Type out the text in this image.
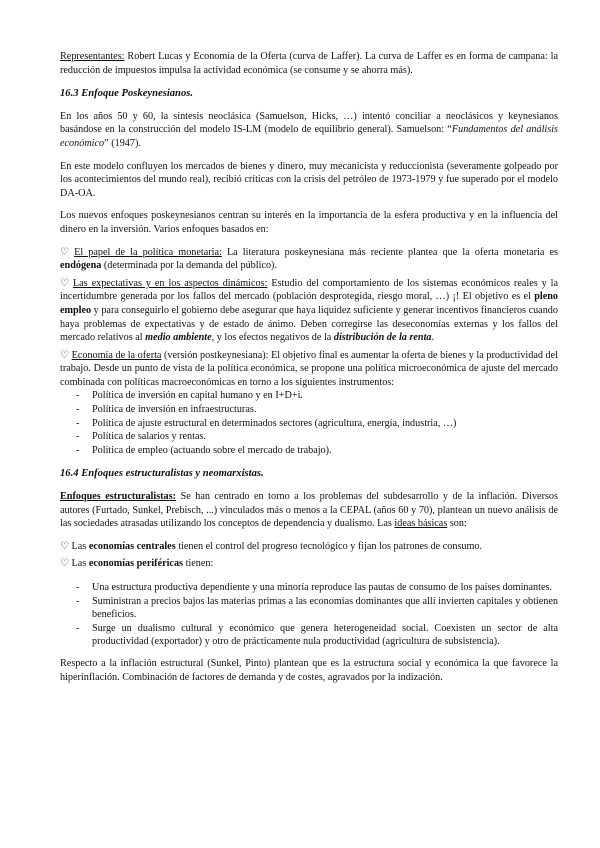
Representantes: Robert Lucas y Economía de la Oferta (curva de Laffer). La curva de Laffer es en forma de campana: la reducción de impuestos impulsa la actividad económica (se consume y se ahorra más).

16.3 Enfoque Poskeynesianos.

En los años 50 y 60, la síntesis neoclásica (Samuelson, Hicks, …) intentó conciliar a neoclásicos y keynesianos basándose en la construcción del modelo IS-LM (modelo de equilibrio general). Samuelson: “Fundamentos del análisis económico” (1947).

En este modelo confluyen los mercados de bienes y dinero, muy mecanicista y reduccionista (severamente golpeado por los acontecimientos del mundo real), recibió críticas con la crisis del petróleo de 1973-1979 y fue superado por el modelo DA-OA.

Los nuevos enfoques poskeynesianos centran su interés en la importancia de la esfera productiva y en la influencia del dinero en la inversión. Varios enfoques basados en:

♡ El papel de la política monetaria: La literatura poskeynesiana más reciente plantea que la oferta monetaria es endógena (determinada por la demanda del público).

♡ Las expectativas y en los aspectos dinámicos: Estudio del comportamiento de los sistemas económicos reales y la incertidumbre generada por los fallos del mercado (población desprotegida, riesgo moral, …) ¡! El objetivo es el pleno empleo y para conseguirlo el gobierno debe asegurar que haya liquidez suficiente y generar incentivos financieros cuando haya problemas de expectativas y de estado de ánimo. Deben corregirse las deseconomías externas y los fallos del mercado relativos al medio ambiente, y los efectos negativos de la distribución de la renta.

♡ Economía de la oferta (versión postkeynesiana): El objetivo final es aumentar la oferta de bienes y la productividad del trabajo. Desde un punto de vista de la política económica, se propone una política microeconómica de ajuste del mercado combinada con políticas macroeconómicas en torno a los siguientes instrumentos:

- Política de inversión en capital humano y en I+D+i.
- Política de inversión en infraestructuras.
- Política de ajuste estructural en determinados sectores (agricultura, energía, industria, …)
- Política de salarios y rentas.
- Política de empleo (actuando sobre el mercado de trabajo).
16.4 Enfoques estructuralistas y neomarxistas.

Enfoques estructuralistas: Se han centrado en torno a los problemas del subdesarrollo y de la inflación. Diversos autores (Furtado, Sunkel, Prebisch, ...) vinculados más o menos a la CEPAL (años 60 y 70), plantean un nuevo análisis de las sociedades atrasadas utilizando los conceptos de dependencia y dualismo. Las ideas básicas son:

♡ Las economías centrales tienen el control del progreso tecnológico y fijan los patrones de consumo.

♡ Las economías periféricas tienen:

- Una estructura productiva dependiente y una minoría reproduce las pautas de consumo de los países dominantes.
- Suministran a precios bajos las materias primas a las economías dominantes que allí invierten capitales y obtienen beneficios.
- Surge un dualismo cultural y económico que genera heterogeneidad social. Coexisten un sector de alta productividad (exportador) y otro de prácticamente nula productividad (agricultura de subsistencia).

Respecto a la inflación estructural (Sunkel, Pinto) plantean que es la estructura social y económica la que favorece la hiperinflación. Combinación de factores de demanda y de costes, agravados por la indización.
